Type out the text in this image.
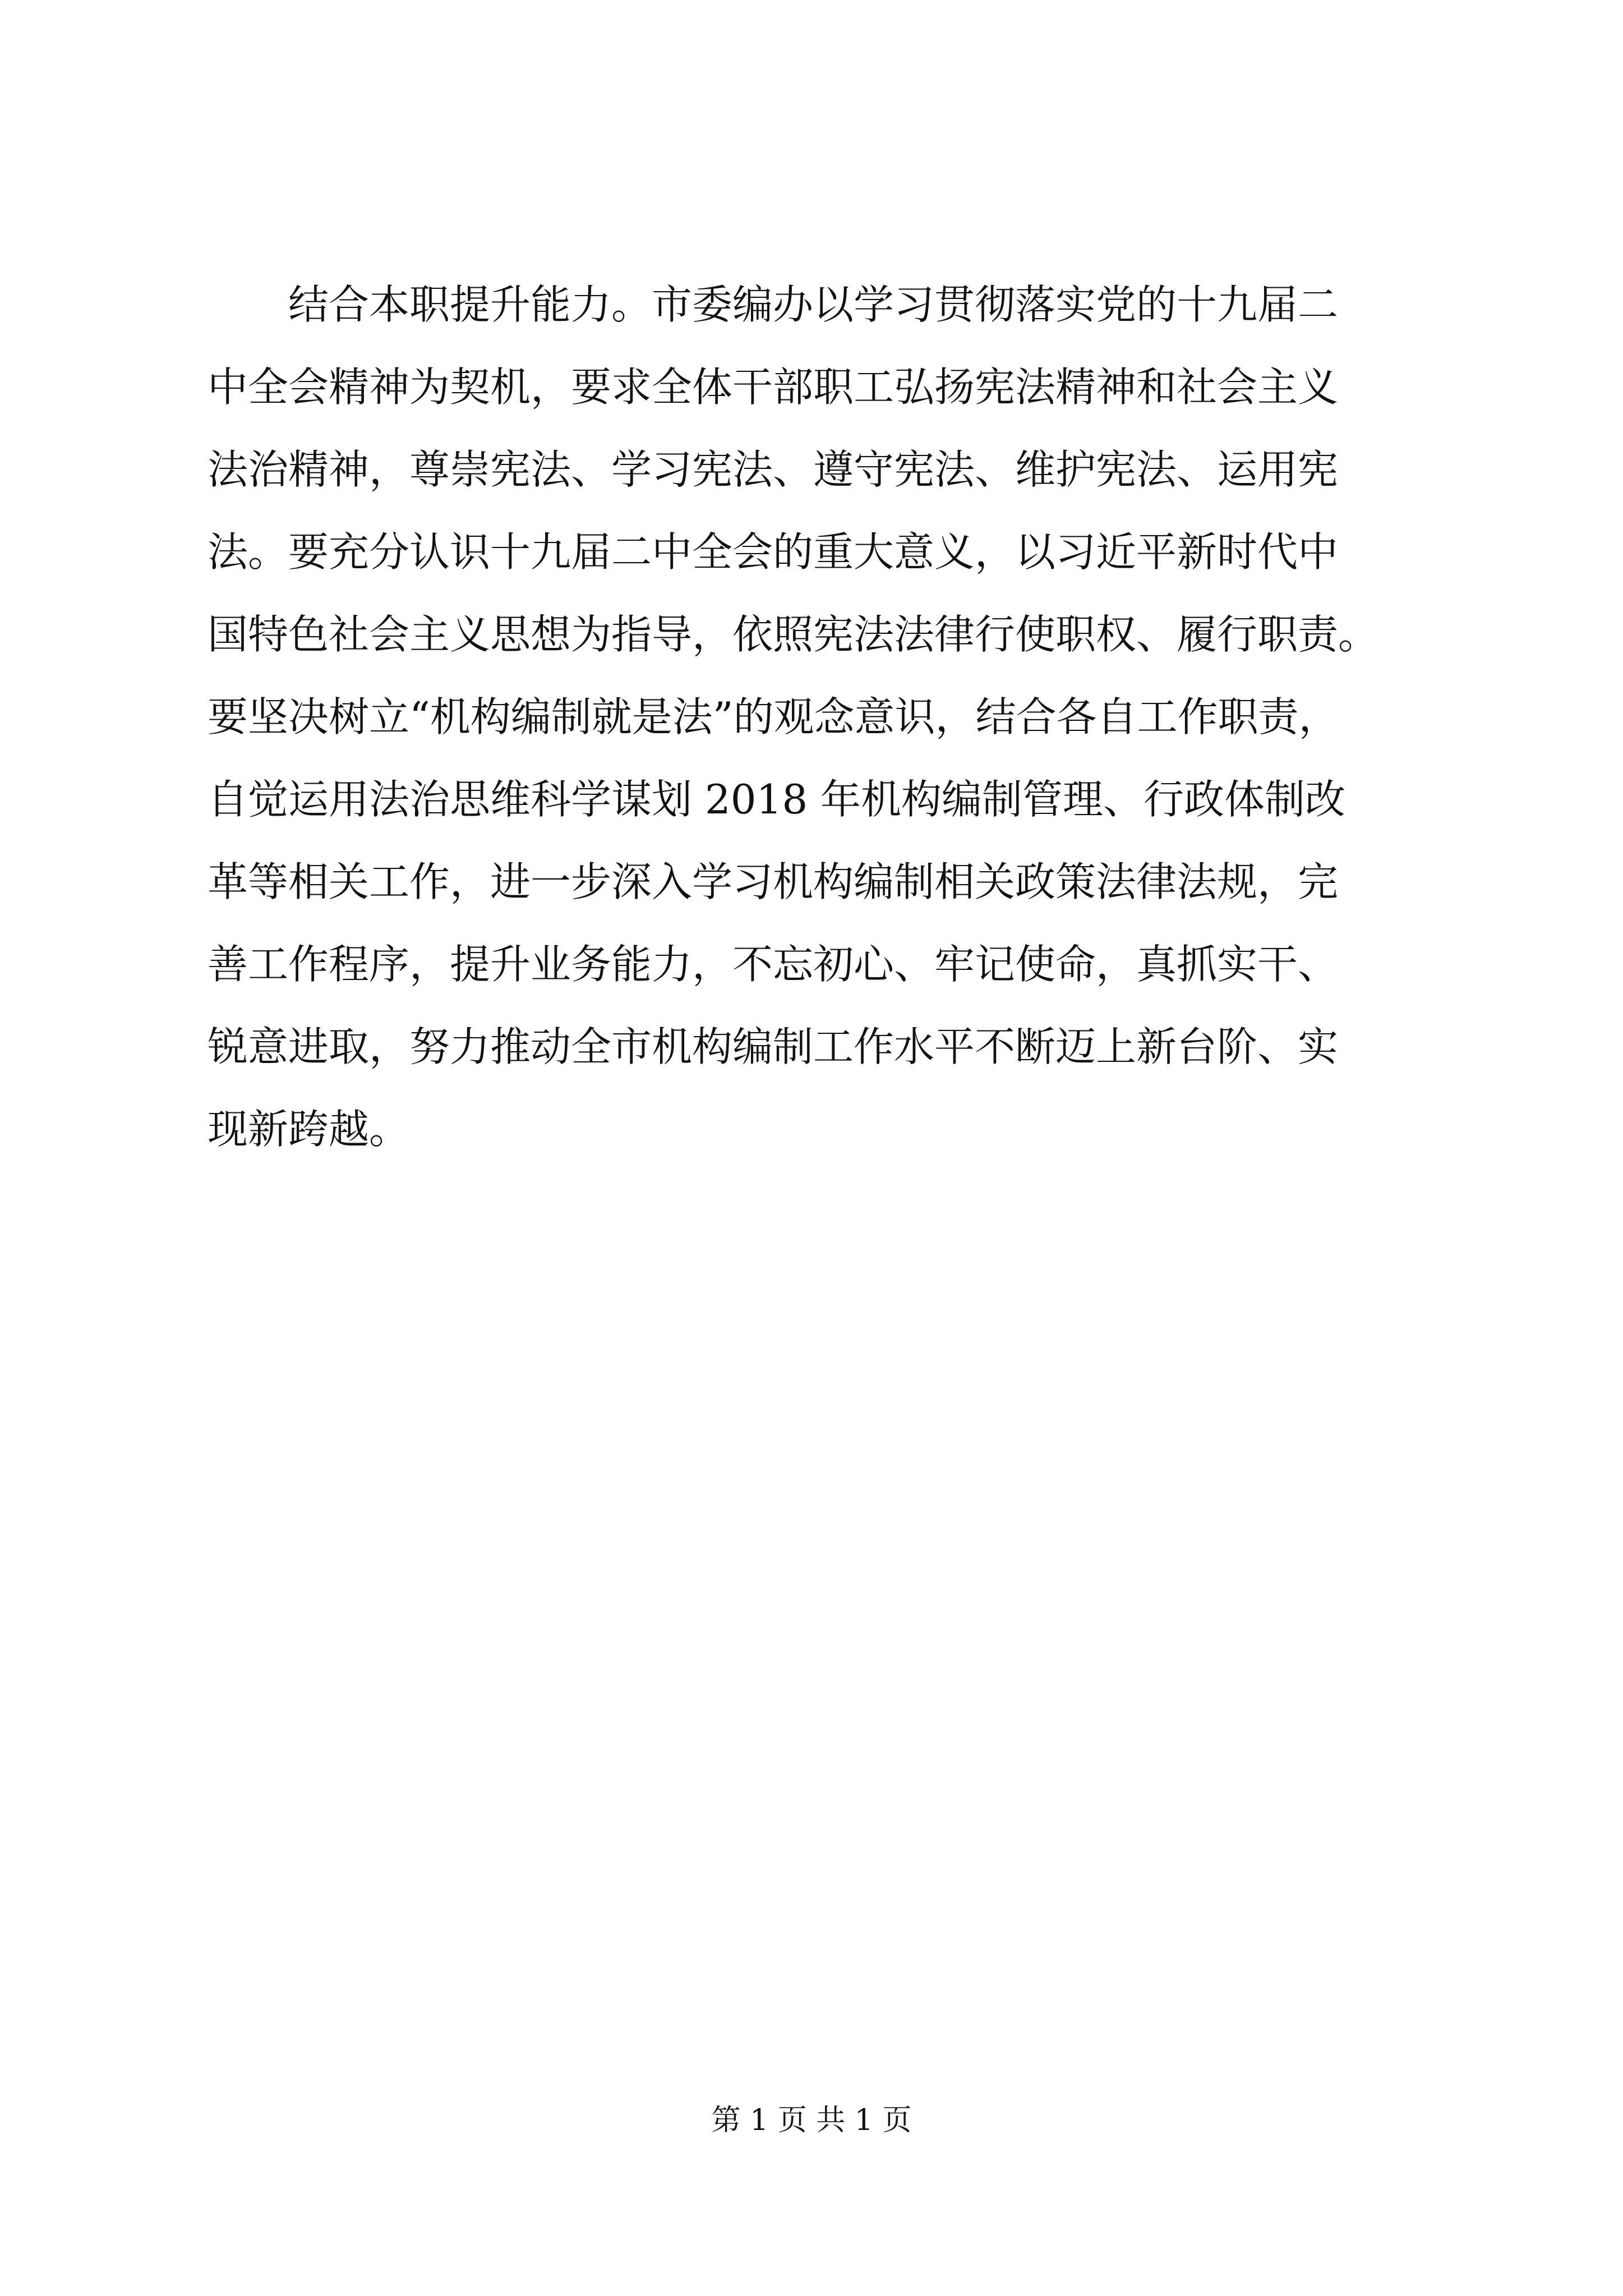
结合本职提升能力。市委编办以学习贯彻落实党的十九届二
中全会精神为契机，要求全体干部职工弘扬宪法精神和社会主义
法治精神，尊崇宪法、学习宪法、遵守宪法、维护宪法、运用宪
法。要充分认识十九届二中全会的重大意义，以习近平新时代中
国特色社会主义思想为指导，依照宪法法律行使职权、履行职责。
要坚决树立“机构编制就是法”的观念意识，结合各自工作职责，
自觉运用法治思维科学谋划 2018 年机构编制管理、行政体制改
革等相关工作，进一步深入学习机构编制相关政策法律法规，完
善工作程序，提升业务能力，不忘初心、牢记使命，真抓实干、
锐意进取，努力推动全市机构编制工作水平不断迈上新台阶、实
现新跨越。
第 1 页 共 1 页
